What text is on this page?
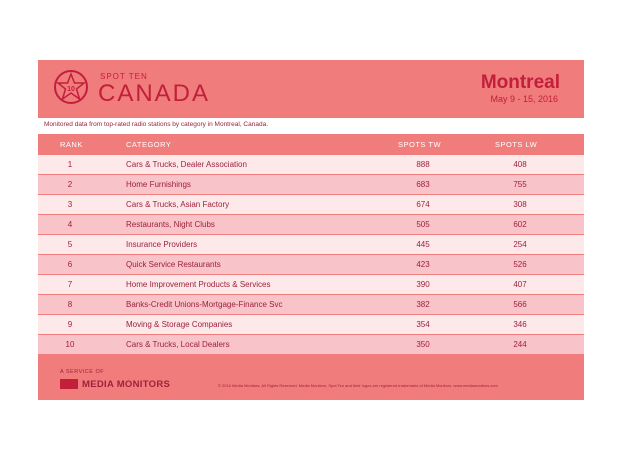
10
SPOT TEN
CANADA	Montreal
May 9 - 15, 2016
Monitored data from top-rated radio stations by category in Montreal, Canada.
RANK	CATEGORY	SPOTS TW	SPOTS LW
1	Cars & Trucks, Dealer Association	888	408
2	Home Furnishings	683	755
3	Cars & Trucks, Asian Factory	674	308
4	Restaurants, Night Clubs	505	602
5	Insurance Providers	445	254
6	Quick Service Restaurants	423	526
7	Home Improvement Products & Services	390	407
8	Banks-Credit Unions-Mortgage-Finance Svc	382	566
9	Moving & Storage Companies	354	346
10	Cars & Trucks, Local Dealers	350	244
A SERVICE OF
MEDIA MONITORS	© 2016 Media Monitors. All Rights Reserved. Media Monitors, Spot Ten and their logos are registered trademarks of Media Monitors. www.mediamonitors.com
